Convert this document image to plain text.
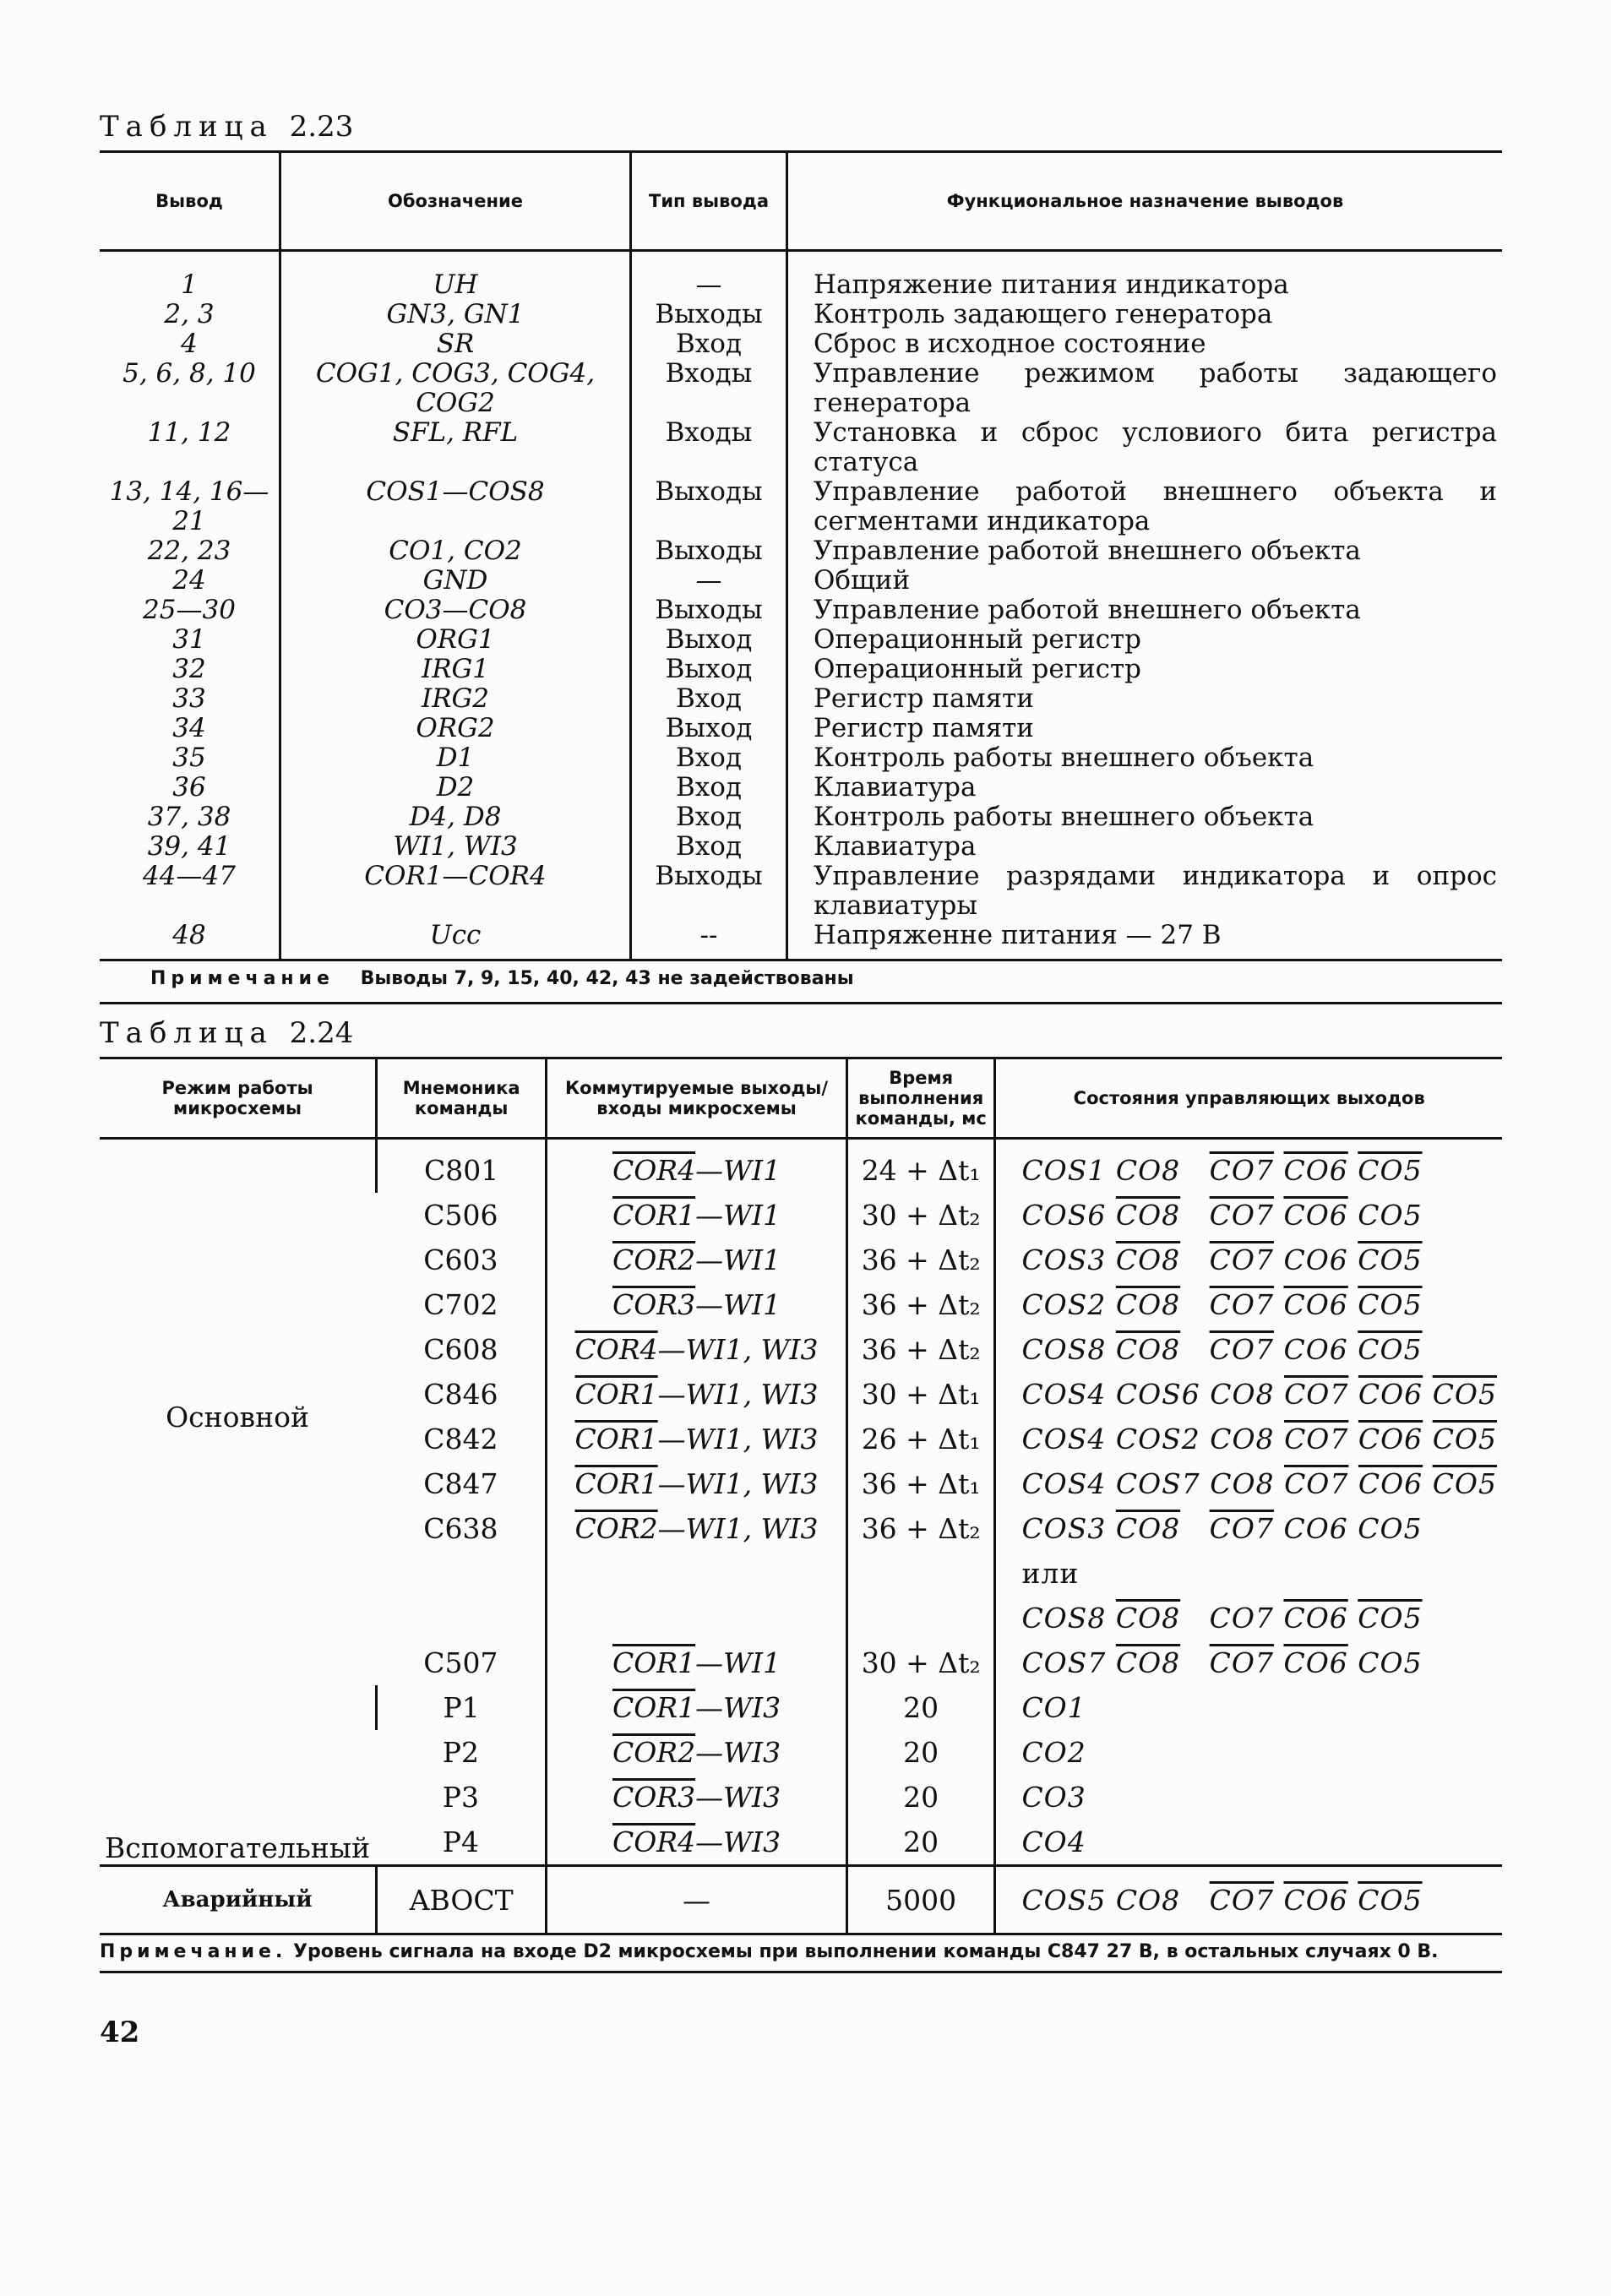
Таблица 2.23

Вывод	Обозначение	Тип вывода	Функциональное назначение выводов
1	UH	—	Напряжение питания индикатора
2, 3	GN3, GN1	Выходы	Контроль задающего генератора
4	SR	Вход	Сброс в исходное состояние
5, 6, 8, 10	COG1, COG3, COG4, COG2	Входы	Управление режимом работы задающего генератора
11, 12	SFL, RFL	Входы	Установка и сброс условиого бита регистра статуса
13, 14, 16—21	COS1—COS8	Выходы	Управление работой внешнего объекта и сегментами индикатора
22, 23	CO1, CO2	Выходы	Управление работой внешнего объекта
24	GND	—	Общий
25—30	CO3—CO8	Выходы	Управление работой внешнего объекта
31	ORG1	Выход	Операционный регистр
32	IRG1	Выход	Операционный регистр
33	IRG2	Вход	Регистр памяти
34	ORG2	Выход	Регистр памяти
35	D1	Вход	Контроль работы внешнего объекта
36	D2	Вход	Клавиатура
37, 38	D4, D8	Вход	Контроль работы внешнего объекта
39, 41	WI1, WI3	Вход	Клавиатура
44—47	COR1—COR4	Выходы	Управление разрядами индикатора и опрос клавиатуры
48	Ucc	--	Напряженне питания — 27 В
Примечание Выводы 7, 9, 15, 40, 42, 43 не задействованы

Таблица 2.24

Режим работы микросхемы	Мнемоника команды	Коммутируемые выходы/входы микросхемы	Время выполнения команды, мс	Состояния управляющих выходов
Основной	C801	COR4—WI1	24 + Δt₁	COS1 CO8 CO7 CO6 CO5
	C506	COR1—WI1	30 + Δt₂	COS6 CO8 CO7 CO6 CO5
	C603	COR2—WI1	36 + Δt₂	COS3 CO8 CO7 CO6 CO5
	C702	COR3—WI1	36 + Δt₂	COS2 CO8 CO7 CO6 CO5
	C608	COR4—WI1, WI3	36 + Δt₂	COS8 CO8 CO7 CO6 CO5
	C846	COR1—WI1, WI3	30 + Δt₁	COS4 COS6 CO8 CO7 CO6 CO5
	C842	COR1—WI1, WI3	26 + Δt₁	COS4 COS2 CO8 CO7 CO6 CO5
	C847	COR1—WI1, WI3	36 + Δt₁	COS4 COS7 CO8 CO7 CO6 CO5
	C638	COR2—WI1, WI3	36 + Δt₂	COS3 CO8 CO7 CO6 CO5
				или
				COS8 CO8 CO7 CO6 CO5
	C507	COR1—WI1	30 + Δt₂	COS7 CO8 CO7 CO6 CO5
Вспомогательный	P1	COR1—WI3	20	CO1
	P2	COR2—WI3	20	CO2
	P3	COR3—WI3	20	CO3
	P4	COR4—WI3	20	CO4
Аварийный	ABOCT	—	5000	COS5 CO8 CO7 CO6 CO5
Примечание. Уровень сигнала на входе D2 микросхемы при выполнении команды C847 27 В, в остальных случаях 0 В.
42
